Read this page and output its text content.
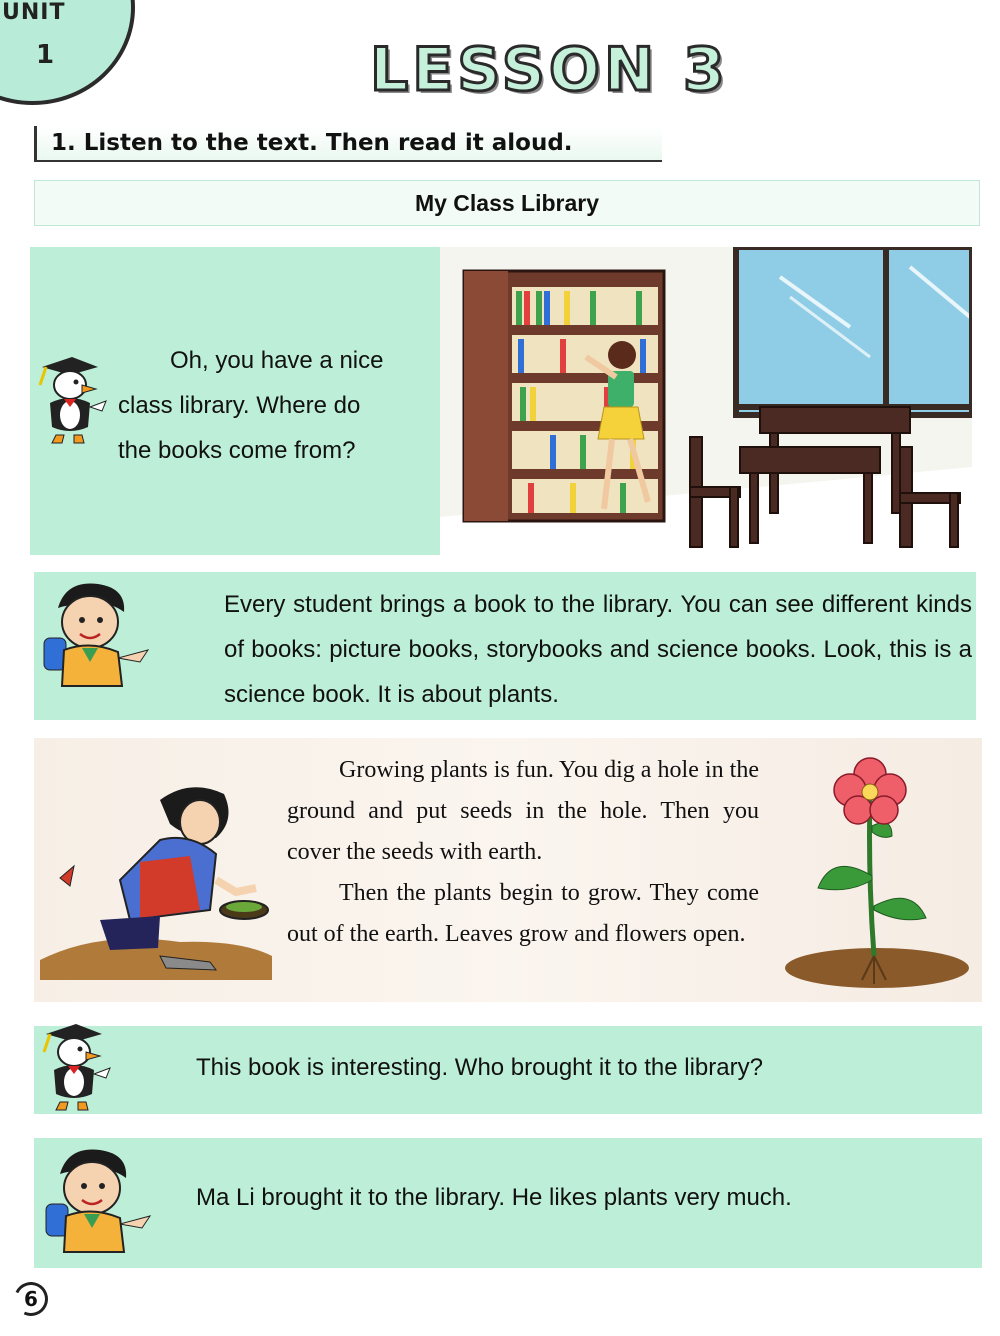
UNIT
1	LESSON 3
1. Listen to the text. Then read it aloud.
My Class Library
Oh, you have a nice
class library. Where do
the books come from?
Every student brings a book to the library. You can see different kinds of books: picture books, storybooks and science books. Look, this is a science book. It is about plants.

Growing plants is fun. You dig a hole in the ground and put seeds in the hole. Then you cover the seeds with earth.

Then the plants begin to grow. They come out of the earth. Leaves grow and flowers open.

This book is interesting. Who brought it to the library?
Ma Li brought it to the library. He likes plants very much.
6
